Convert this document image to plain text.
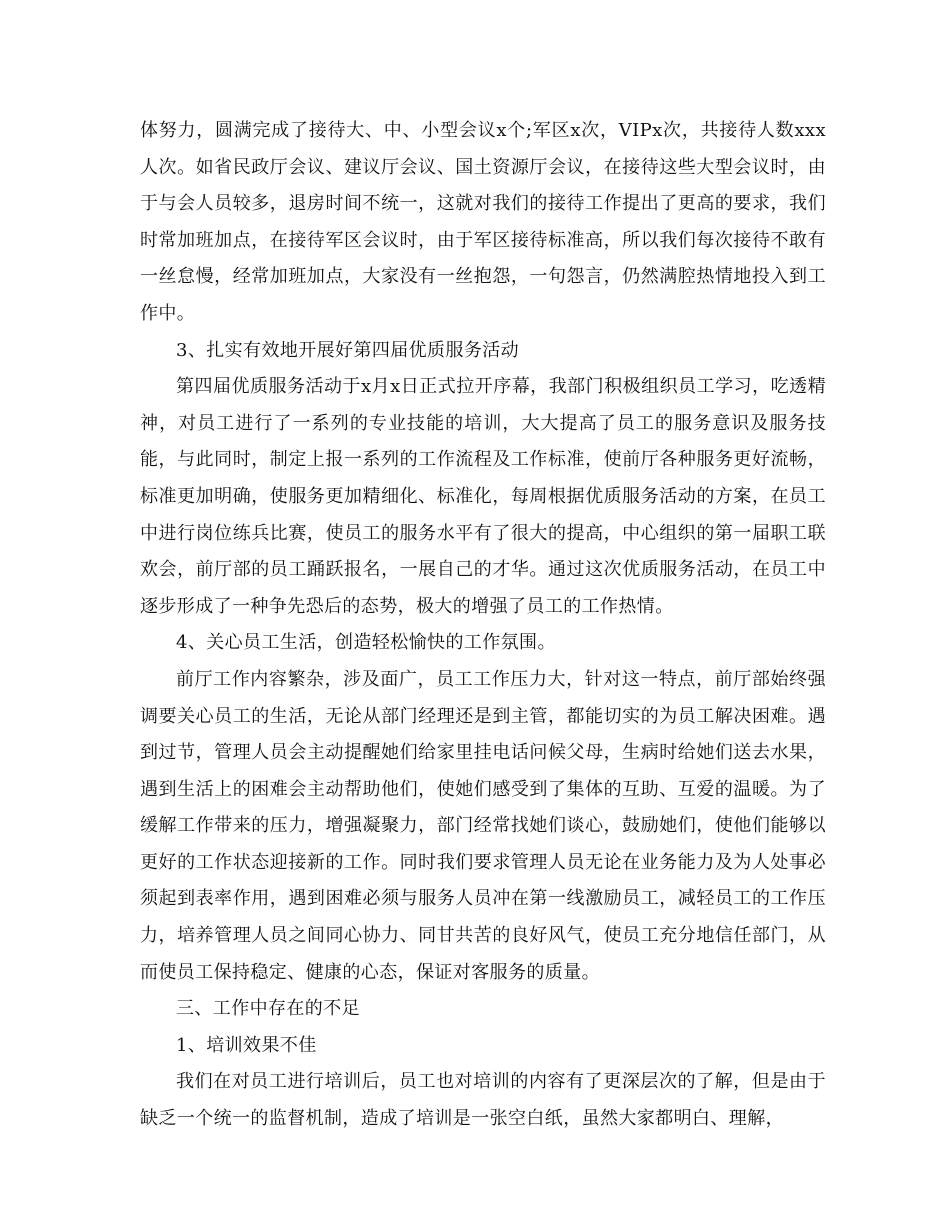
体努力，圆满完成了接待大、中、小型会议x个;军区x次，VIPx次，共接待人数xxx人次。如省民政厅会议、建议厅会议、国土资源厅会议，在接待这些大型会议时，由于与会人员较多，退房时间不统一，这就对我们的接待工作提出了更高的要求，我们时常加班加点，在接待军区会议时，由于军区接待标准高，所以我们每次接待不敢有一丝怠慢，经常加班加点，大家没有一丝抱怨，一句怨言，仍然满腔热情地投入到工作中。

3、扎实有效地开展好第四届优质服务活动

第四届优质服务活动于x月x日正式拉开序幕，我部门积极组织员工学习，吃透精神，对员工进行了一系列的专业技能的培训，大大提高了员工的服务意识及服务技能，与此同时，制定上报一系列的工作流程及工作标准，使前厅各种服务更好流畅，标准更加明确，使服务更加精细化、标准化，每周根据优质服务活动的方案，在员工中进行岗位练兵比赛，使员工的服务水平有了很大的提高，中心组织的第一届职工联欢会，前厅部的员工踊跃报名，一展自己的才华。通过这次优质服务活动，在员工中逐步形成了一种争先恐后的态势，极大的增强了员工的工作热情。

4、关心员工生活，创造轻松愉快的工作氛围。

前厅工作内容繁杂，涉及面广，员工工作压力大，针对这一特点，前厅部始终强调要关心员工的生活，无论从部门经理还是到主管，都能切实的为员工解决困难。遇到过节，管理人员会主动提醒她们给家里挂电话问候父母，生病时给她们送去水果，遇到生活上的困难会主动帮助他们，使她们感受到了集体的互助、互爱的温暖。为了缓解工作带来的压力，增强凝聚力，部门经常找她们谈心，鼓励她们，使他们能够以更好的工作状态迎接新的工作。同时我们要求管理人员无论在业务能力及为人处事必须起到表率作用，遇到困难必须与服务人员冲在第一线激励员工，减轻员工的工作压力，培养管理人员之间同心协力、同甘共苦的良好风气，使员工充分地信任部门，从而使员工保持稳定、健康的心态，保证对客服务的质量。

三、工作中存在的不足

1、培训效果不佳

我们在对员工进行培训后，员工也对培训的内容有了更深层次的了解，但是由于缺乏一个统一的监督机制，造成了培训是一张空白纸，虽然大家都明白、理解，
